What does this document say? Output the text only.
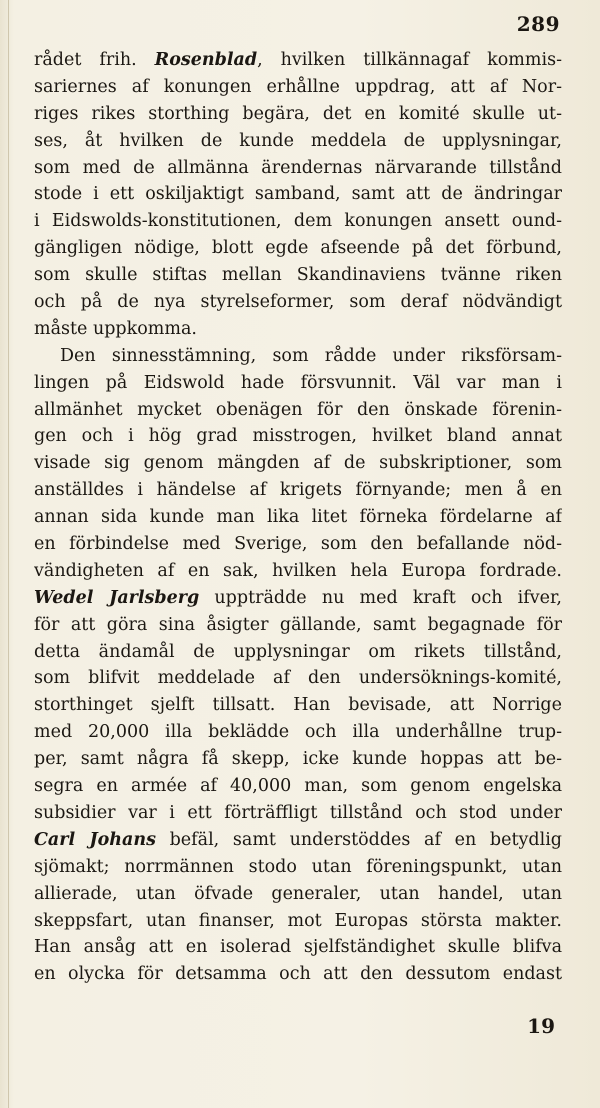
289
rådet frih. Rosenblad, hvilken tillkännagaf kommis-
sariernes af konungen erhållne uppdrag, att af Nor-
riges rikes storthing begära, det en komité skulle ut-
ses, åt hvilken de kunde meddela de upplysningar,
som med de allmänna ärendernas närvarande tillstånd
stode i ett oskiljaktigt samband, samt att de ändringar
i Eidswolds-konstitutionen, dem konungen ansett ound-
gängligen nödige, blott egde afseende på det förbund,
som skulle stiftas mellan Skandinaviens tvänne riken
och på de nya styrelseformer, som deraf nödvändigt
måste uppkomma.
Den sinnesstämning, som rådde under riksförsam-
lingen på Eidswold hade försvunnit. Väl var man i
allmänhet mycket obenägen för den önskade förenin-
gen och i hög grad misstrogen, hvilket bland annat
visade sig genom mängden af de subskriptioner, som
anställdes i händelse af krigets förnyande; men å en
annan sida kunde man lika litet förneka fördelarne af
en förbindelse med Sverige, som den befallande nöd-
vändigheten af en sak, hvilken hela Europa fordrade.
Wedel Jarlsberg uppträdde nu med kraft och ifver,
för att göra sina åsigter gällande, samt begagnade för
detta ändamål de upplysningar om rikets tillstånd,
som blifvit meddelade af den undersöknings-komité,
storthinget sjelft tillsatt. Han bevisade, att Norrige
med 20,000 illa beklädde och illa underhållne trup-
per, samt några få skepp, icke kunde hoppas att be-
segra en armée af 40,000 man, som genom engelska
subsidier var i ett förträffligt tillstånd och stod under
Carl Johans befäl, samt understöddes af en betydlig
sjömakt; norrmännen stodo utan föreningspunkt, utan
allierade, utan öfvade generaler, utan handel, utan
skeppsfart, utan finanser, mot Europas största makter.
Han ansåg att en isolerad sjelfständighet skulle blifva
en olycka för detsamma och att den dessutom endast
19
